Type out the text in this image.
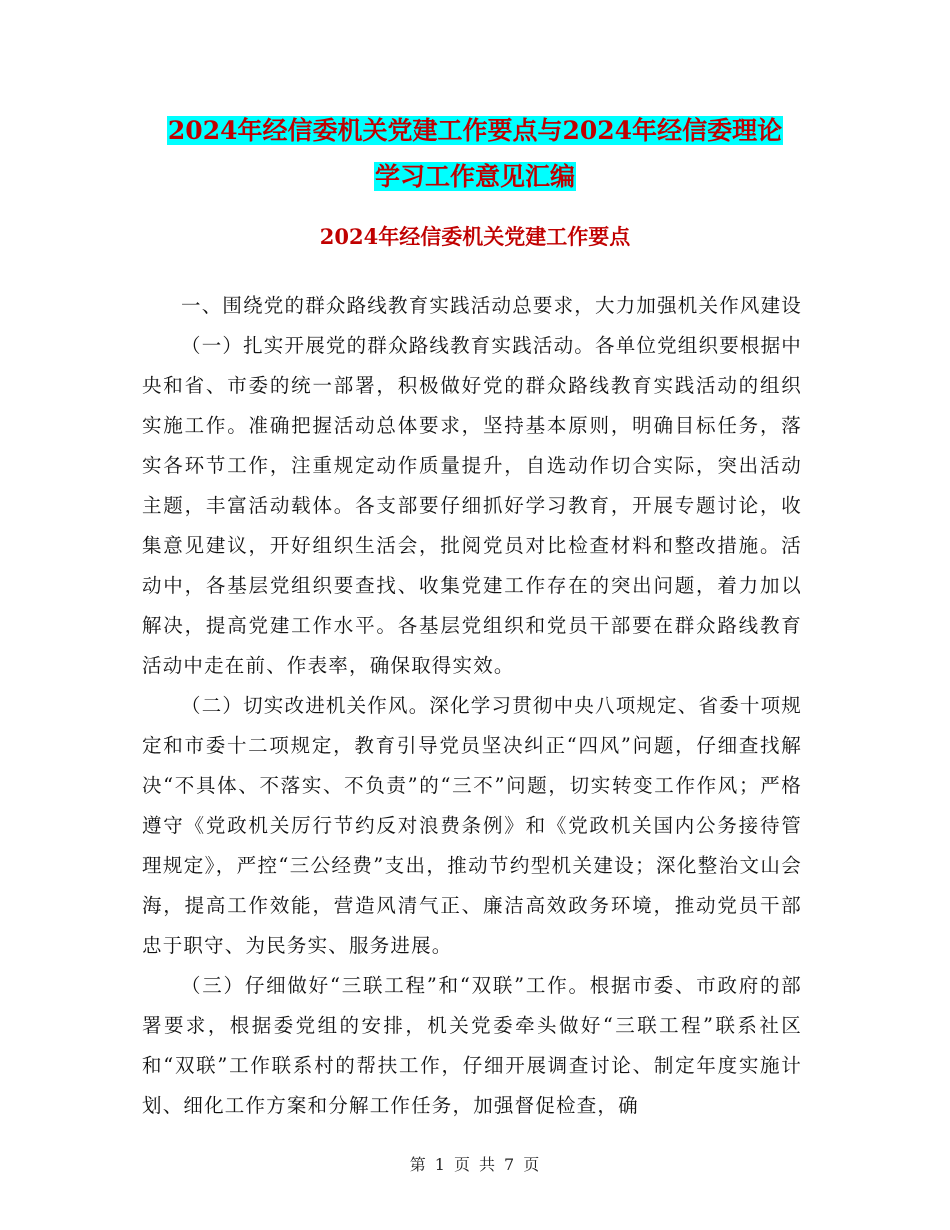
2024年经信委机关党建工作要点与2024年经信委理论
学习工作意见汇编
2024年经信委机关党建工作要点

一、围绕党的群众路线教育实践活动总要求，大力加强机关作风建设

（一）扎实开展党的群众路线教育实践活动。各单位党组织要根据中央和省、市委的统一部署，积极做好党的群众路线教育实践活动的组织实施工作。准确把握活动总体要求，坚持基本原则，明确目标任务，落实各环节工作，注重规定动作质量提升，自选动作切合实际，突出活动主题，丰富活动载体。各支部要仔细抓好学习教育，开展专题讨论，收集意见建议，开好组织生活会，批阅党员对比检查材料和整改措施。活动中，各基层党组织要查找、收集党建工作存在的突出问题，着力加以解决，提高党建工作水平。各基层党组织和党员干部要在群众路线教育活动中走在前、作表率，确保取得实效。

（二）切实改进机关作风。深化学习贯彻中央八项规定、省委十项规定和市委十二项规定，教育引导党员坚决纠正“四风”问题，仔细查找解决“不具体、不落实、不负责”的“三不”问题，切实转变工作作风；严格遵守《党政机关厉行节约反对浪费条例》和《党政机关国内公务接待管理规定》，严控“三公经费”支出，推动节约型机关建设；深化整治文山会海，提高工作效能，营造风清气正、廉洁高效政务环境，推动党员干部忠于职守、为民务实、服务进展。

（三）仔细做好“三联工程”和“双联”工作。根据市委、市政府的部署要求，根据委党组的安排，机关党委牵头做好“三联工程”联系社区和“双联”工作联系村的帮扶工作，仔细开展调查讨论、制定年度实施计划、细化工作方案和分解工作任务，加强督促检查，确

第 1 页 共 7 页
